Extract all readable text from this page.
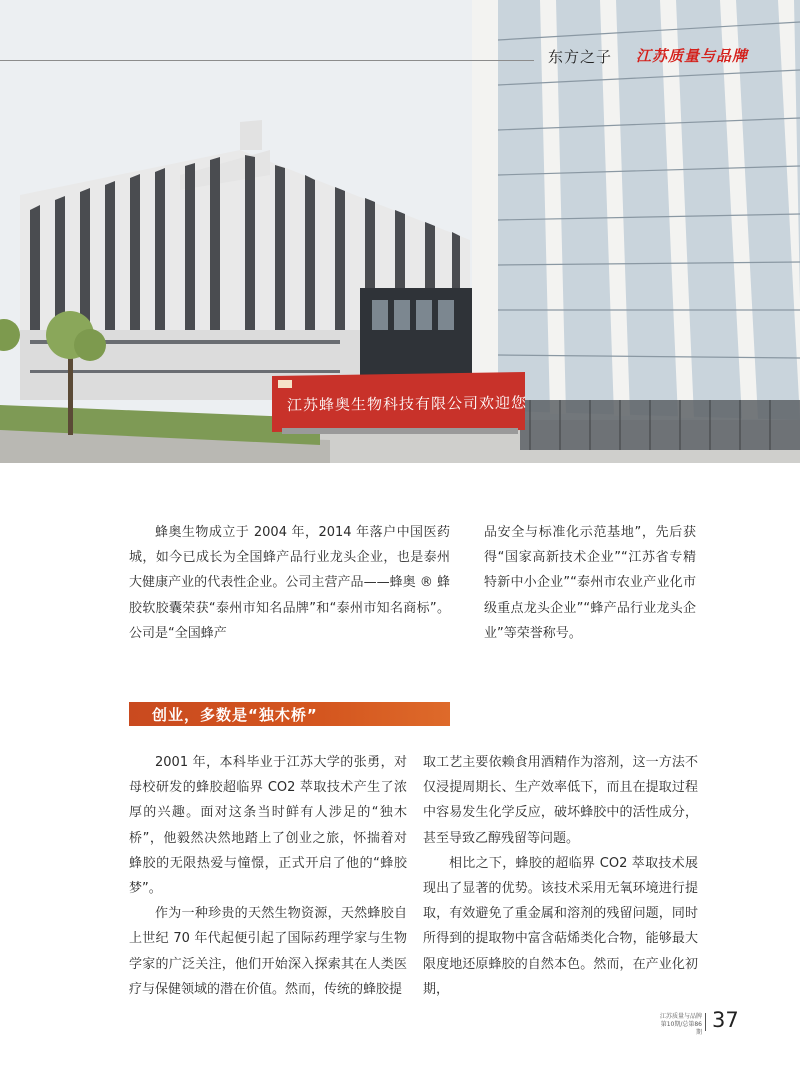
东方之子 江苏质量与品牌
江苏蜂奥生物科技有限公司欢迎您

蜂奥生物成立于 2004 年，2014 年落户中国医药城，如今已成长为全国蜂产品行业龙头企业，也是泰州大健康产业的代表性企业。公司主营产品——蜂奥 ® 蜂胶软胶囊荣获“泰州市知名品牌”和“泰州市知名商标”。公司是“全国蜂产

品安全与标准化示范基地”，先后获得“国家高新技术企业”“江苏省专精特新中小企业”“泰州市农业产业化市级重点龙头企业”“蜂产品行业龙头企业”等荣誉称号。

创业，多数是“独木桥”

2001 年，本科毕业于江苏大学的张勇，对母校研发的蜂胶超临界 CO2 萃取技术产生了浓厚的兴趣。面对这条当时鲜有人涉足的“独木桥”，他毅然决然地踏上了创业之旅，怀揣着对蜂胶的无限热爱与憧憬，正式开启了他的“蜂胶梦”。

作为一种珍贵的天然生物资源，天然蜂胶自上世纪 70 年代起便引起了国际药理学家与生物学家的广泛关注，他们开始深入探索其在人类医疗与保健领域的潜在价值。然而，传统的蜂胶提

取工艺主要依赖食用酒精作为溶剂，这一方法不仅浸提周期长、生产效率低下，而且在提取过程中容易发生化学反应，破坏蜂胶中的活性成分，甚至导致乙醇残留等问题。

相比之下，蜂胶的超临界 CO2 萃取技术展现出了显著的优势。该技术采用无氧环境进行提取，有效避免了重金属和溶剂的残留问题，同时所得到的提取物中富含萜烯类化合物，能够最大限度地还原蜂胶的自然本色。然而，在产业化初期，

江苏质量与品牌
第10期/总第86期
37
